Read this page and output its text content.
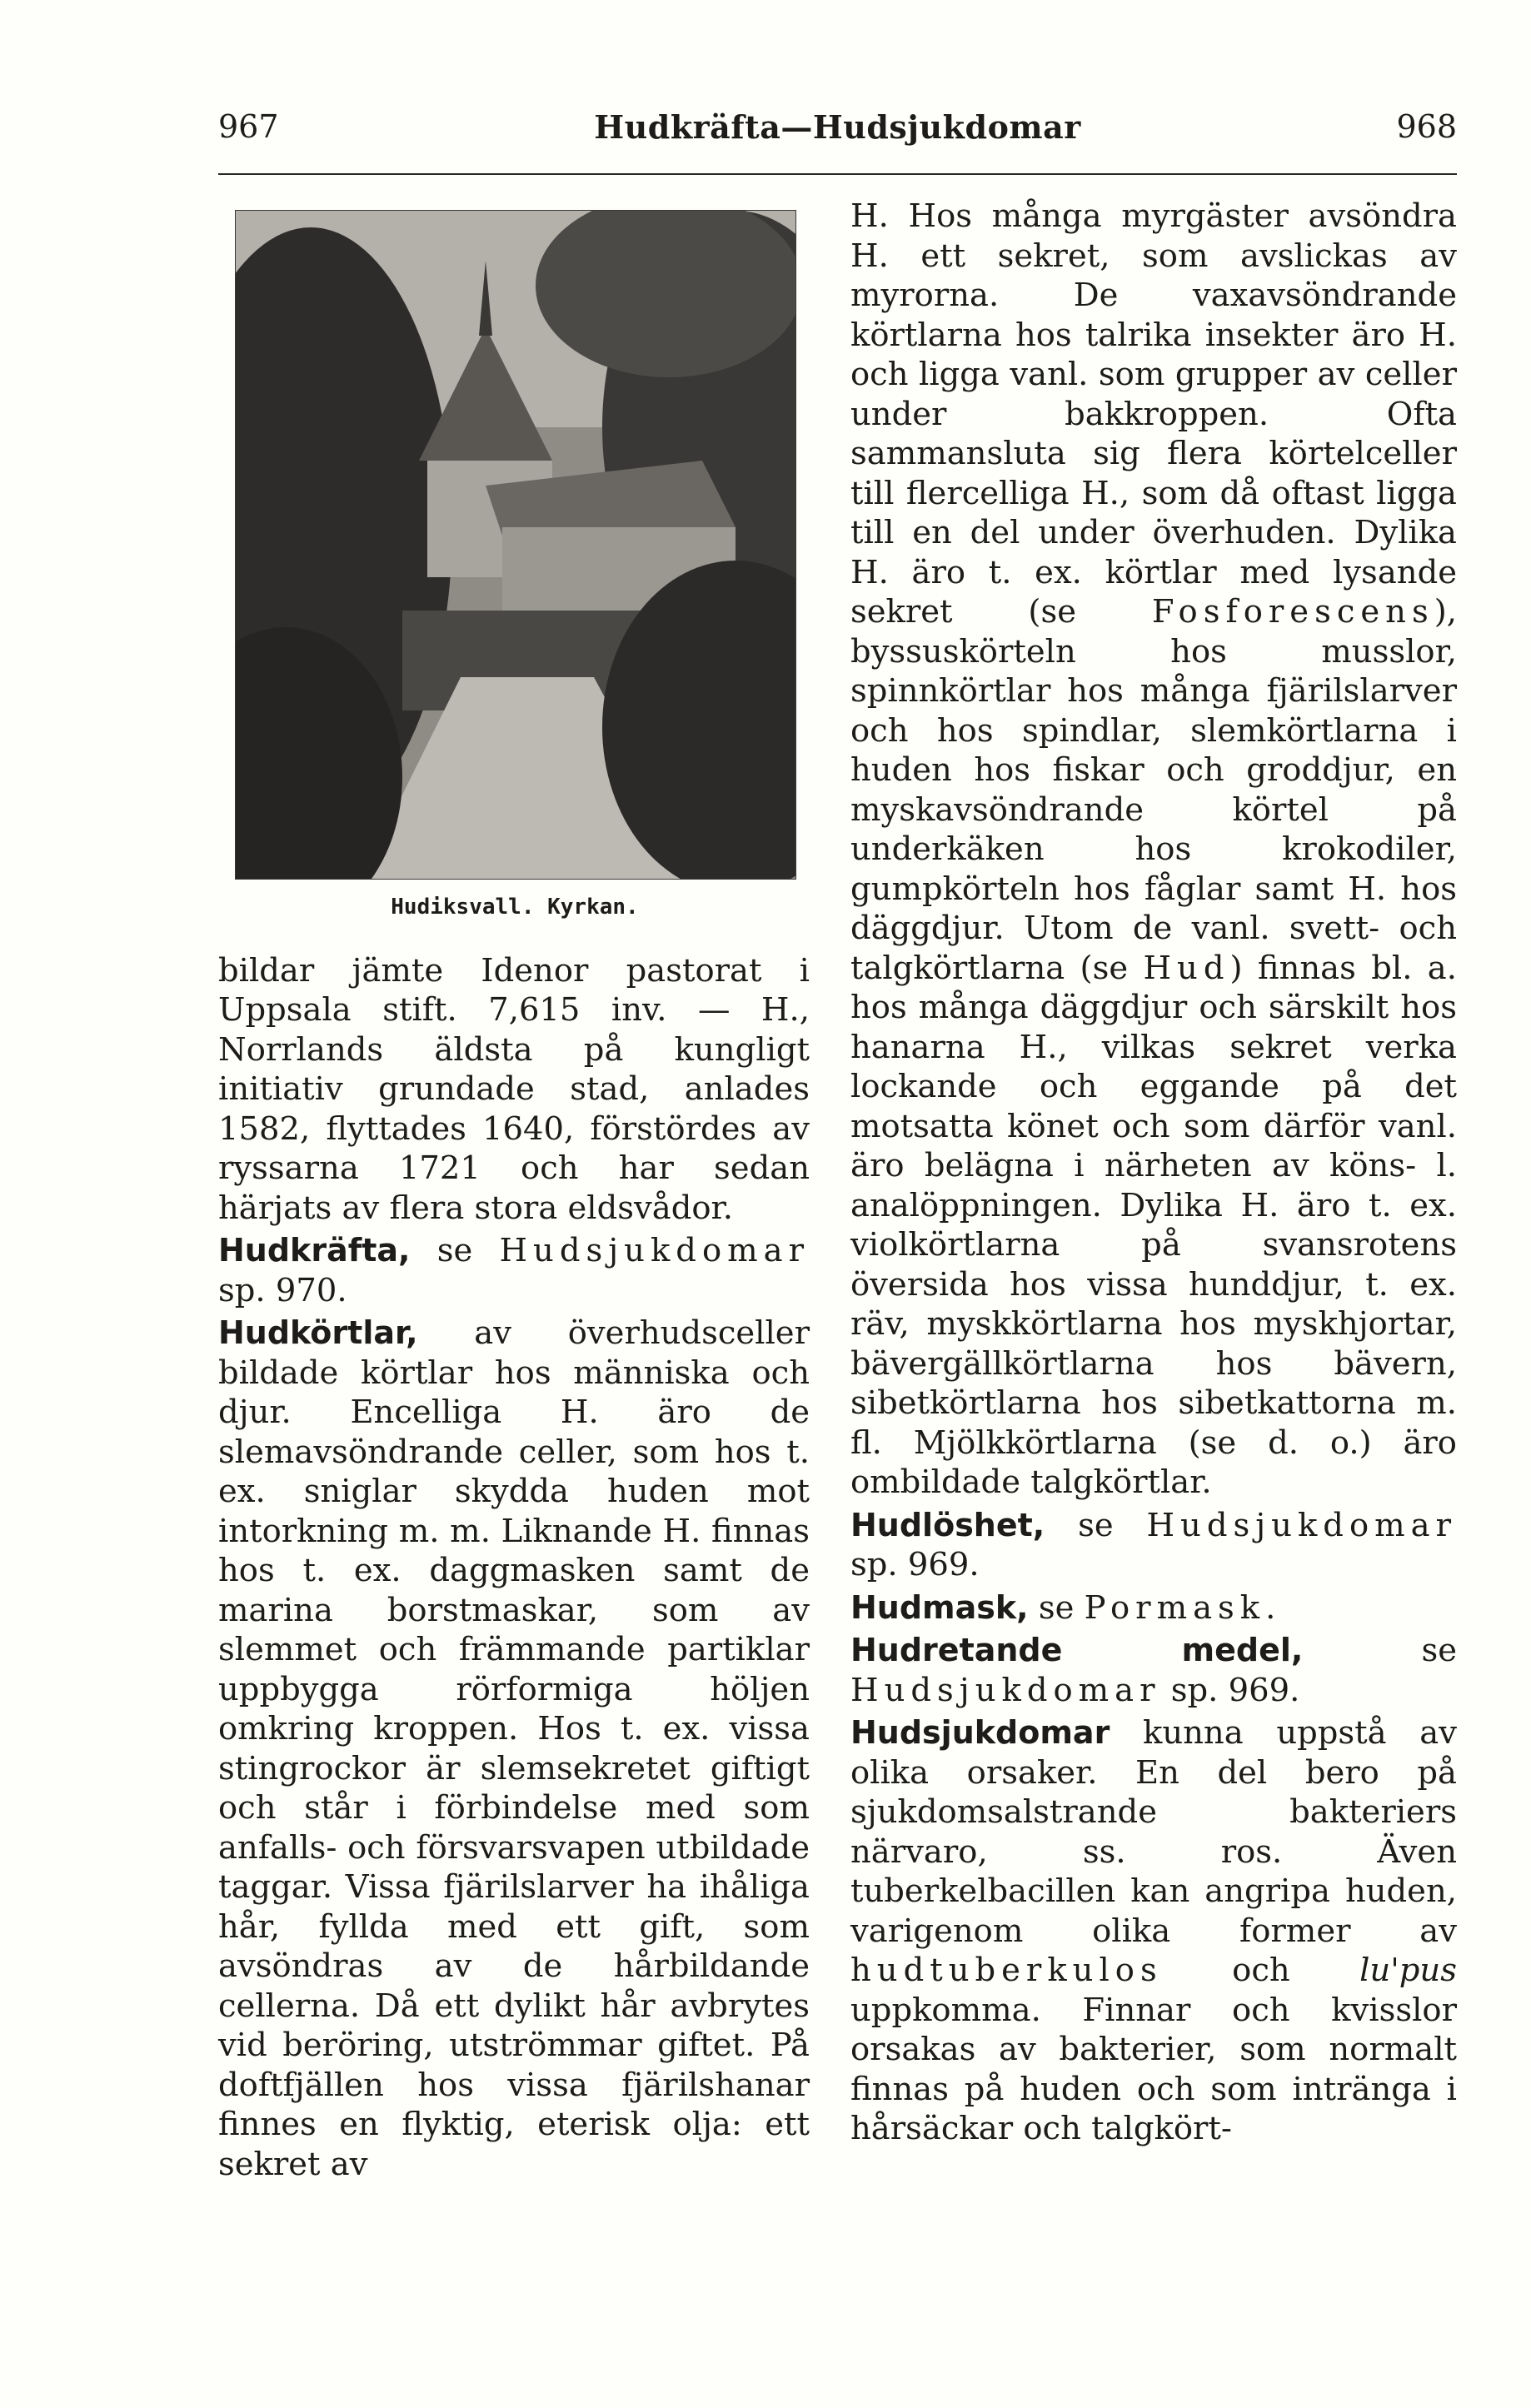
967	Hudkräfta—Hudsjukdomar	968
Hudiksvall. Kyrkan.

bildar jämte Idenor pastorat i Uppsala stift. 7,615 inv. — H., Norrlands äldsta på kungligt initiativ grundade stad, anlades 1582, flyttades 1640, förstördes av ryssarna 1721 och har sedan härjats av flera stora eldsvådor.

Hudkräfta, se Hudsjukdomar sp. 970.

Hudkörtlar, av överhudsceller bildade körtlar hos människa och djur. Encelliga H. äro de slemavsöndrande celler, som hos t. ex. sniglar skydda huden mot intorkning m. m. Liknande H. finnas hos t. ex. daggmasken samt de marina borstmaskar, som av slemmet och främmande partiklar uppbygga rörformiga höljen omkring kroppen. Hos t. ex. vissa stingrockor är slemsekretet giftigt och står i förbindelse med som anfalls- och försvarsvapen utbildade taggar. Vissa fjärilslarver ha ihåliga hår, fyllda med ett gift, som avsöndras av de hårbildande cellerna. Då ett dylikt hår avbrytes vid beröring, utströmmar giftet. På doftfjällen hos vissa fjärilshanar finnes en flyktig, eterisk olja: ett sekret av

H. Hos många myrgäster avsöndra H. ett sekret, som avslickas av myrorna. De vaxavsöndrande körtlarna hos talrika insekter äro H. och ligga vanl. som grupper av celler under bakkroppen. Ofta sammansluta sig flera körtelceller till flercelliga H., som då oftast ligga till en del under överhuden. Dylika H. äro t. ex. körtlar med lysande sekret (se Fosforescens), byssuskörteln hos musslor, spinnkörtlar hos många fjärilslarver och hos spindlar, slemkörtlarna i huden hos fiskar och groddjur, en myskavsöndrande körtel på underkäken hos krokodiler, gumpkörteln hos fåglar samt H. hos däggdjur. Utom de vanl. svett- och talgkörtlarna (se Hud) finnas bl. a. hos många däggdjur och särskilt hos hanarna H., vilkas sekret verka lockande och eggande på det motsatta könet och som därför vanl. äro belägna i närheten av köns- l. analöppningen. Dylika H. äro t. ex. violkörtlarna på svansrotens översida hos vissa hunddjur, t. ex. räv, myskkörtlarna hos myskhjortar, bävergällkörtlarna hos bävern, sibetkörtlarna hos sibetkattorna m. fl. Mjölkkörtlarna (se d. o.) äro ombildade talgkörtlar.

Hudlöshet, se Hudsjukdomar sp. 969.

Hudmask, se Pormask.

Hudretande medel, se Hudsjukdomar sp. 969.

Hudsjukdomar kunna uppstå av olika orsaker. En del bero på sjukdomsalstrande bakteriers närvaro, ss. ros. Även tuberkelbacillen kan angripa huden, varigenom olika former av hudtuberkulos och lu'pus uppkomma. Finnar och kvisslor orsakas av bakterier, som normalt finnas på huden och som intränga i hårsäckar och talgkört-
